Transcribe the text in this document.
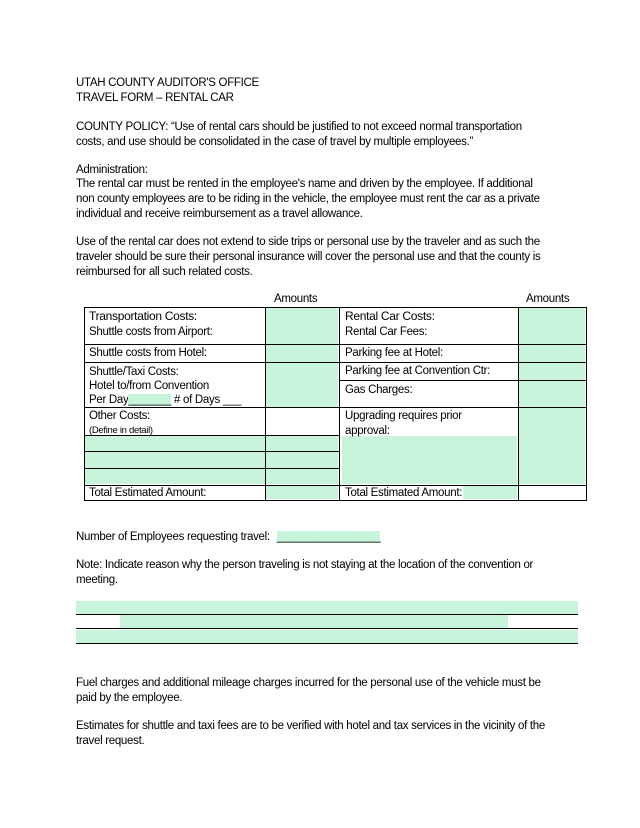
UTAH COUNTY AUDITOR'S OFFICE
TRAVEL FORM – RENTAL CAR
COUNTY POLICY: “Use of rental cars should be justified to not exceed normal transportation
costs, and use should be consolidated in the case of travel by multiple employees.”
Administration:
The rental car must be rented in the employee's name and driven by the employee. If additional
non county employees are to be riding in the vehicle, the employee must rent the car as a private
individual and receive reimbursement as a travel allowance.
Use of the rental car does not extend to side trips or personal use by the traveler and as such the
traveler should be sure their personal insurance will cover the personal use and that the county is
reimbursed for all such related costs.
Amounts	Amounts
Transportation Costs:
Shuttle costs from Airport:
Shuttle costs from Hotel:
Shuttle/Taxi Costs:
Hotel to/from Convention
Per Day_______ # of Days ___
Other Costs:
(Define in detail)
Total Estimated Amount:
Rental Car Costs:
Rental Car Fees:
Parking fee at Hotel:
Parking fee at Convention Ctr:
Gas Charges:
Upgrading requires prior
approval:
Total Estimated Amount:
Number of Employees requesting travel: _________________
Note: Indicate reason why the person traveling is not staying at the location of the convention or
meeting.
Fuel charges and additional mileage charges incurred for the personal use of the vehicle must be
paid by the employee.
Estimates for shuttle and taxi fees are to be verified with hotel and tax services in the vicinity of the
travel request.
